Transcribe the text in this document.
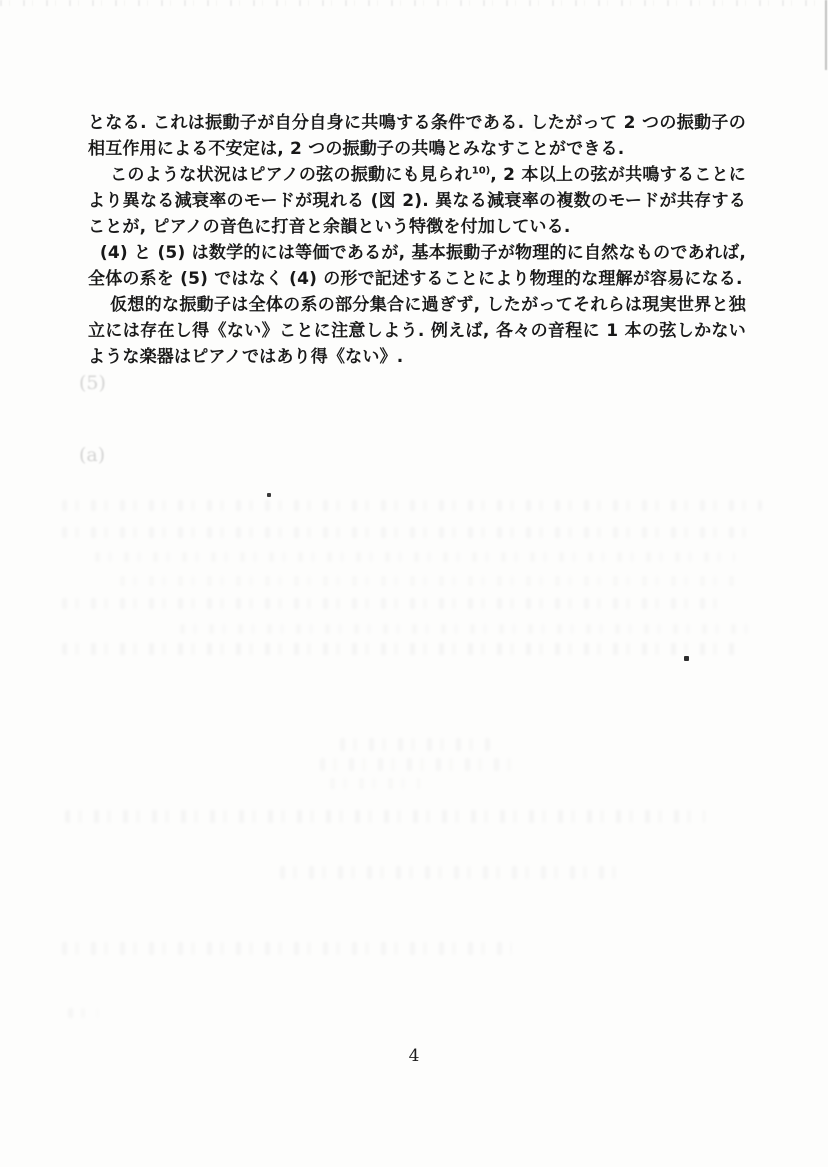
となる. これは振動子が自分自身に共鳴する条件である. したがって 2 つの振動子の相互作用による不安定は, 2 つの振動子の共鳴とみなすことができる.

このような状況はピアノの弦の振動にも見られ$^{10)}$, 2 本以上の弦が共鳴することにより異なる減衰率のモードが現れる (図 2). 異なる減衰率の複数のモードが共存することが, ピアノの音色に打音と余韻という特徴を付加している.

(4) と (5) は数学的には等価であるが, 基本振動子が物理的に自然なものであれば, 全体の系を (5) ではなく (4) の形で記述することにより物理的な理解が容易になる.

仮想的な振動子は全体の系の部分集合に過ぎず, したがってそれらは現実世界と独立には存在し得《ない》ことに注意しよう. 例えば, 各々の音程に 1 本の弦しかないような楽器はピアノではあり得《ない》.

(5)
(a)
4
